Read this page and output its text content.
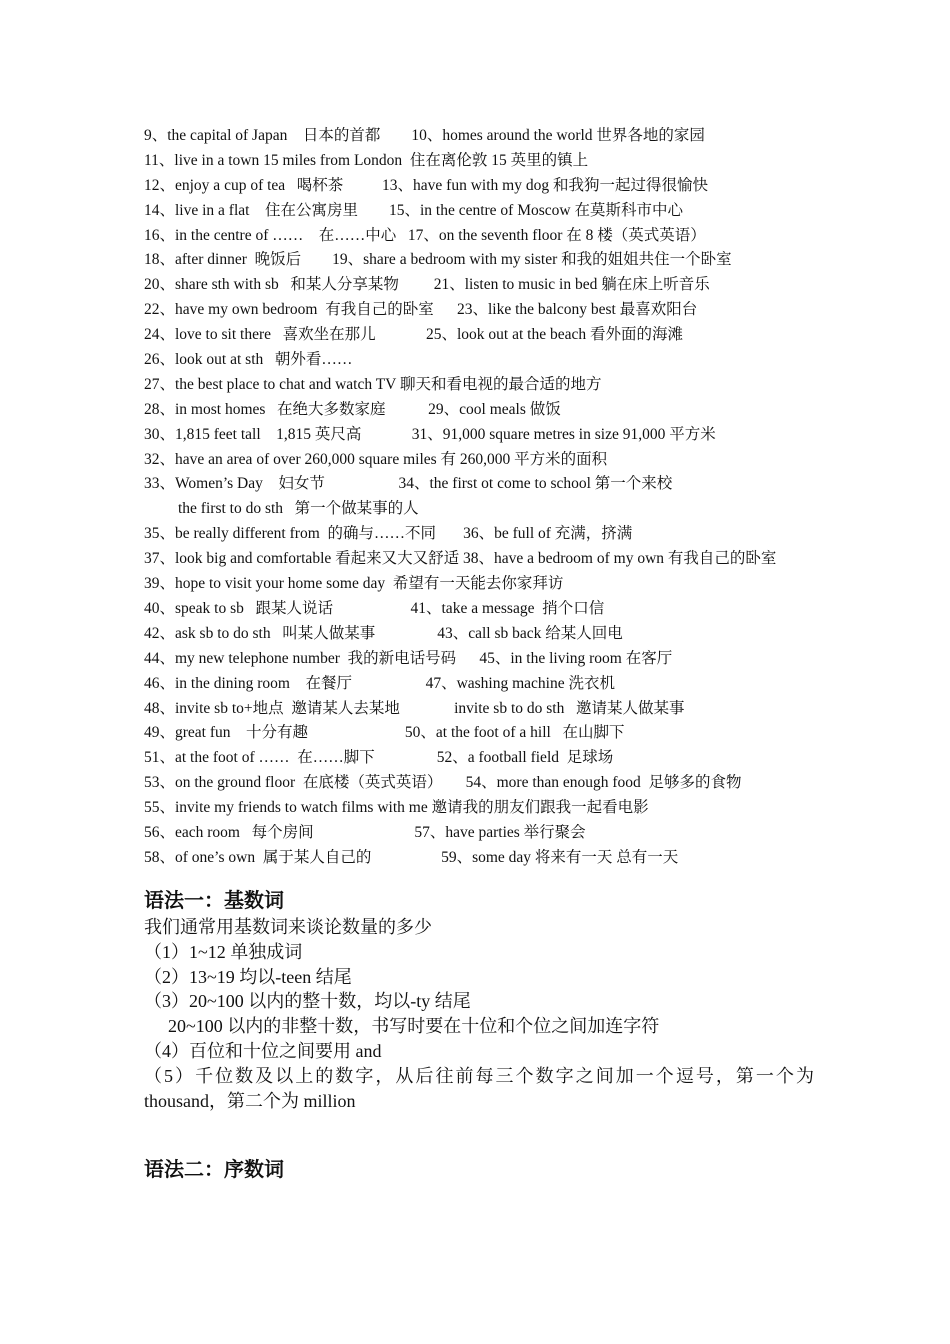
9、the capital of Japan    日本的首都        10、homes around the world 世界各地的家园
11、live in a town 15 miles from London  住在离伦敦 15 英里的镇上
12、enjoy a cup of tea   喝杯茶          13、have fun with my dog 和我狗一起过得很愉快
14、live in a flat    住在公寓房里        15、in the centre of Moscow 在莫斯科市中心
16、in the centre of ……    在……中心   17、on the seventh floor 在 8 楼（英式英语）
18、after dinner  晚饭后        19、share a bedroom with my sister 和我的姐姐共住一个卧室
20、share sth with sb   和某人分享某物         21、listen to music in bed 躺在床上听音乐
22、have my own bedroom  有我自己的卧室      23、like the balcony best 最喜欢阳台
24、love to sit there   喜欢坐在那儿             25、look out at the beach 看外面的海滩
26、look out at sth   朝外看……
27、the best place to chat and watch TV 聊天和看电视的最合适的地方
28、in most homes   在绝大多数家庭           29、cool meals 做饭
30、1,815 feet tall    1,815 英尺高             31、91,000 square metres in size 91,000 平方米
32、have an area of over 260,000 square miles 有 260,000 平方米的面积
33、Women’s Day    妇女节                   34、the first ot come to school 第一个来校
the first to do sth   第一个做某事的人
35、be really different from  的确与……不同       36、be full of 充满，挤满
37、look big and comfortable 看起来又大又舒适 38、have a bedroom of my own 有我自己的卧室
39、hope to visit your home some day  希望有一天能去你家拜访
40、speak to sb   跟某人说话                    41、take a message  捎个口信
42、ask sb to do sth   叫某人做某事                43、call sb back 给某人回电
44、my new telephone number  我的新电话号码      45、in the living room 在客厅
46、in the dining room    在餐厅                   47、washing machine 洗衣机
48、invite sb to+地点  邀请某人去某地              invite sb to do sth   邀请某人做某事
49、great fun    十分有趣                         50、at the foot of a hill   在山脚下
51、at the foot of ……  在……脚下                52、a football field  足球场
53、on the ground floor  在底楼（英式英语）      54、more than enough food  足够多的食物
55、invite my friends to watch films with me 邀请我的朋友们跟我一起看电影
56、each room   每个房间                          57、have parties 举行聚会
58、of one’s own  属于某人自己的                  59、some day 将来有一天 总有一天
语法一：基数词
我们通常用基数词来谈论数量的多少
（1）1~12 单独成词
（2）13~19 均以-teen 结尾
（3）20~100 以内的整十数，均以-ty 结尾
20~100 以内的非整十数，书写时要在十位和个位之间加连字符
（4）百位和十位之间要用 and
（5）千位数及以上的数字，从后往前每三个数字之间加一个逗号，第一个为 thousand，第二个为 million
语法二：序数词
